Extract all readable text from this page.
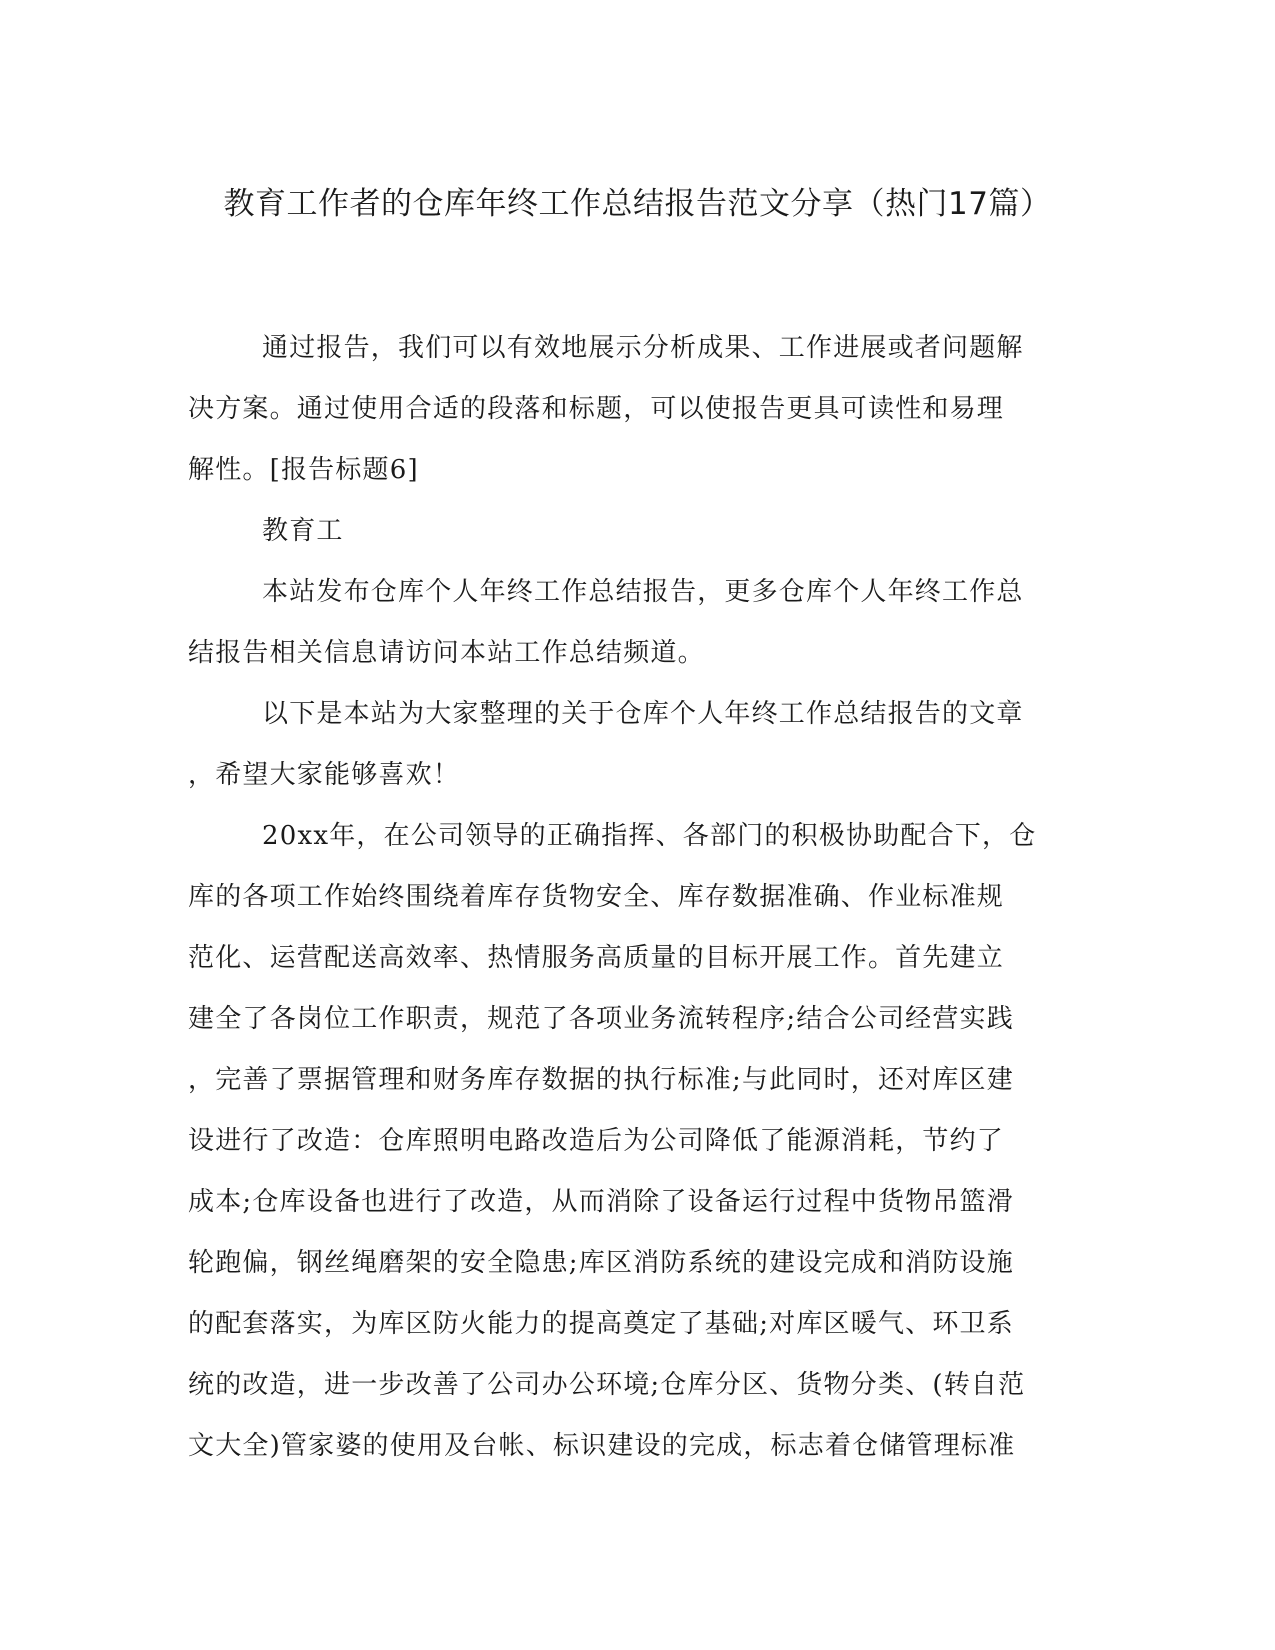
教育工作者的仓库年终工作总结报告范文分享（热门17篇）
通过报告，我们可以有效地展示分析成果、工作进展或者问题解
决方案。通过使用合适的段落和标题，可以使报告更具可读性和易理
解性。[报告标题6]
教育工
本站发布仓库个人年终工作总结报告，更多仓库个人年终工作总
结报告相关信息请访问本站工作总结频道。
以下是本站为大家整理的关于仓库个人年终工作总结报告的文章
，希望大家能够喜欢！
20xx年，在公司领导的正确指挥、各部门的积极协助配合下，仓
库的各项工作始终围绕着库存货物安全、库存数据准确、作业标准规
范化、运营配送高效率、热情服务高质量的目标开展工作。首先建立
建全了各岗位工作职责，规范了各项业务流转程序;结合公司经营实践
，完善了票据管理和财务库存数据的执行标准;与此同时，还对库区建
设进行了改造：仓库照明电路改造后为公司降低了能源消耗，节约了
成本;仓库设备也进行了改造，从而消除了设备运行过程中货物吊篮滑
轮跑偏，钢丝绳磨架的安全隐患;库区消防系统的建设完成和消防设施
的配套落实，为库区防火能力的提高奠定了基础;对库区暖气、环卫系
统的改造，进一步改善了公司办公环境;仓库分区、货物分类、(转自范
文大全)管家婆的使用及台帐、标识建设的完成，标志着仓储管理标准
